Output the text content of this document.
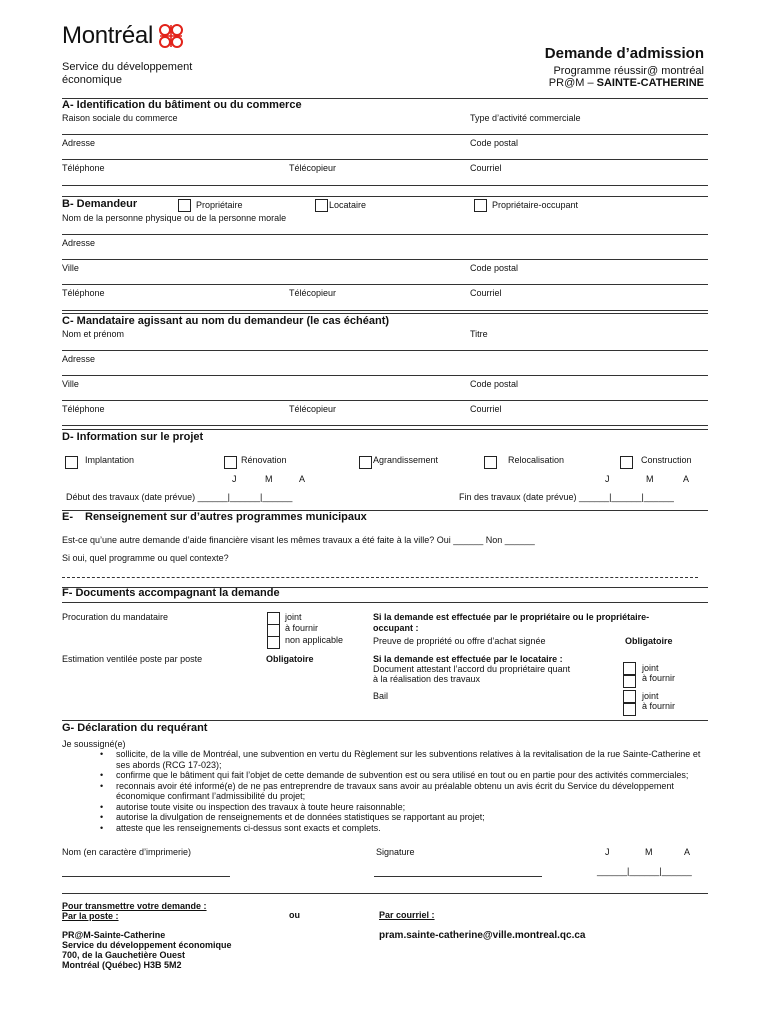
Montréal
Service du développement
économique
Demande d’admission
Programme réussir@ montréal
PR@M – SAINTE-CATHERINE
A- Identification du bâtiment ou du commerce
Raison sociale du commerce	Type d’activité commerciale
Adresse	Code postal
Téléphone	Télécopieur	Courriel
B- Demandeur	Propriétaire	Locataire	Propriétaire-occupant
Nom de la personne physique ou de la personne morale
Adresse
Ville	Code postal
Téléphone	Télécopieur	Courriel
C- Mandataire agissant au nom du demandeur (le cas échéant)
Nom et prénom	Titre
Adresse
Ville	Code postal
Téléphone	Télécopieur	Courriel
D- Information sur le projet
Implantation	Rénovation	Agrandissement	Relocalisation	Construction
J	M	A	J	M	A
Début des travaux (date prévue) ______|______|______	Fin des travaux (date prévue) ______|______|______
E- Renseignement sur d’autres programmes municipaux
Est-ce qu’une autre demande d’aide financière visant les mêmes travaux a été faite à la ville? Oui ______ Non ______
Si oui, quel programme ou quel contexte?
F- Documents accompagnant la demande
Procuration du mandataire	joint
à fournir
non applicable
Si la demande est effectuée par le propriétaire ou le propriétaire-
occupant :
Preuve de propriété ou offre d’achat signée	Obligatoire
Estimation ventilée poste par poste	Obligatoire	Si la demande est effectuée par le locataire :
Document attestant l’accord du propriétaire quant
à la réalisation des travaux
joint
à fournir
Bail	joint
à fournir
G- Déclaration du requérant
Je soussigné(e)
• sollicite, de la ville de Montréal, une subvention en vertu du Règlement sur les subventions relatives à la revitalisation de la rue Sainte-Catherine et ses abords (RCG 17-023);
• confirme que le bâtiment qui fait l’objet de cette demande de subvention est ou sera utilisé en tout ou en partie pour des activités commerciales;
• reconnais avoir été informé(e) de ne pas entreprendre de travaux sans avoir au préalable obtenu un avis écrit du Service du développement économique confirmant l’admissibilité du projet;
• autorise toute visite ou inspection des travaux à toute heure raisonnable;
• autorise la divulgation de renseignements et de données statistiques se rapportant au projet;
• atteste que les renseignements ci-dessus sont exacts et complets.
Nom (en caractère d’imprimerie)	Signature	J	M	A
______|______|______
Pour transmettre votre demande :
Par la poste :	ou	Par courriel :
PR@M-Sainte-Catherine
Service du développement économique
700, de la Gauchetière Ouest
Montréal (Québec) H3B 5M2
pram.sainte-catherine@ville.montreal.qc.ca
